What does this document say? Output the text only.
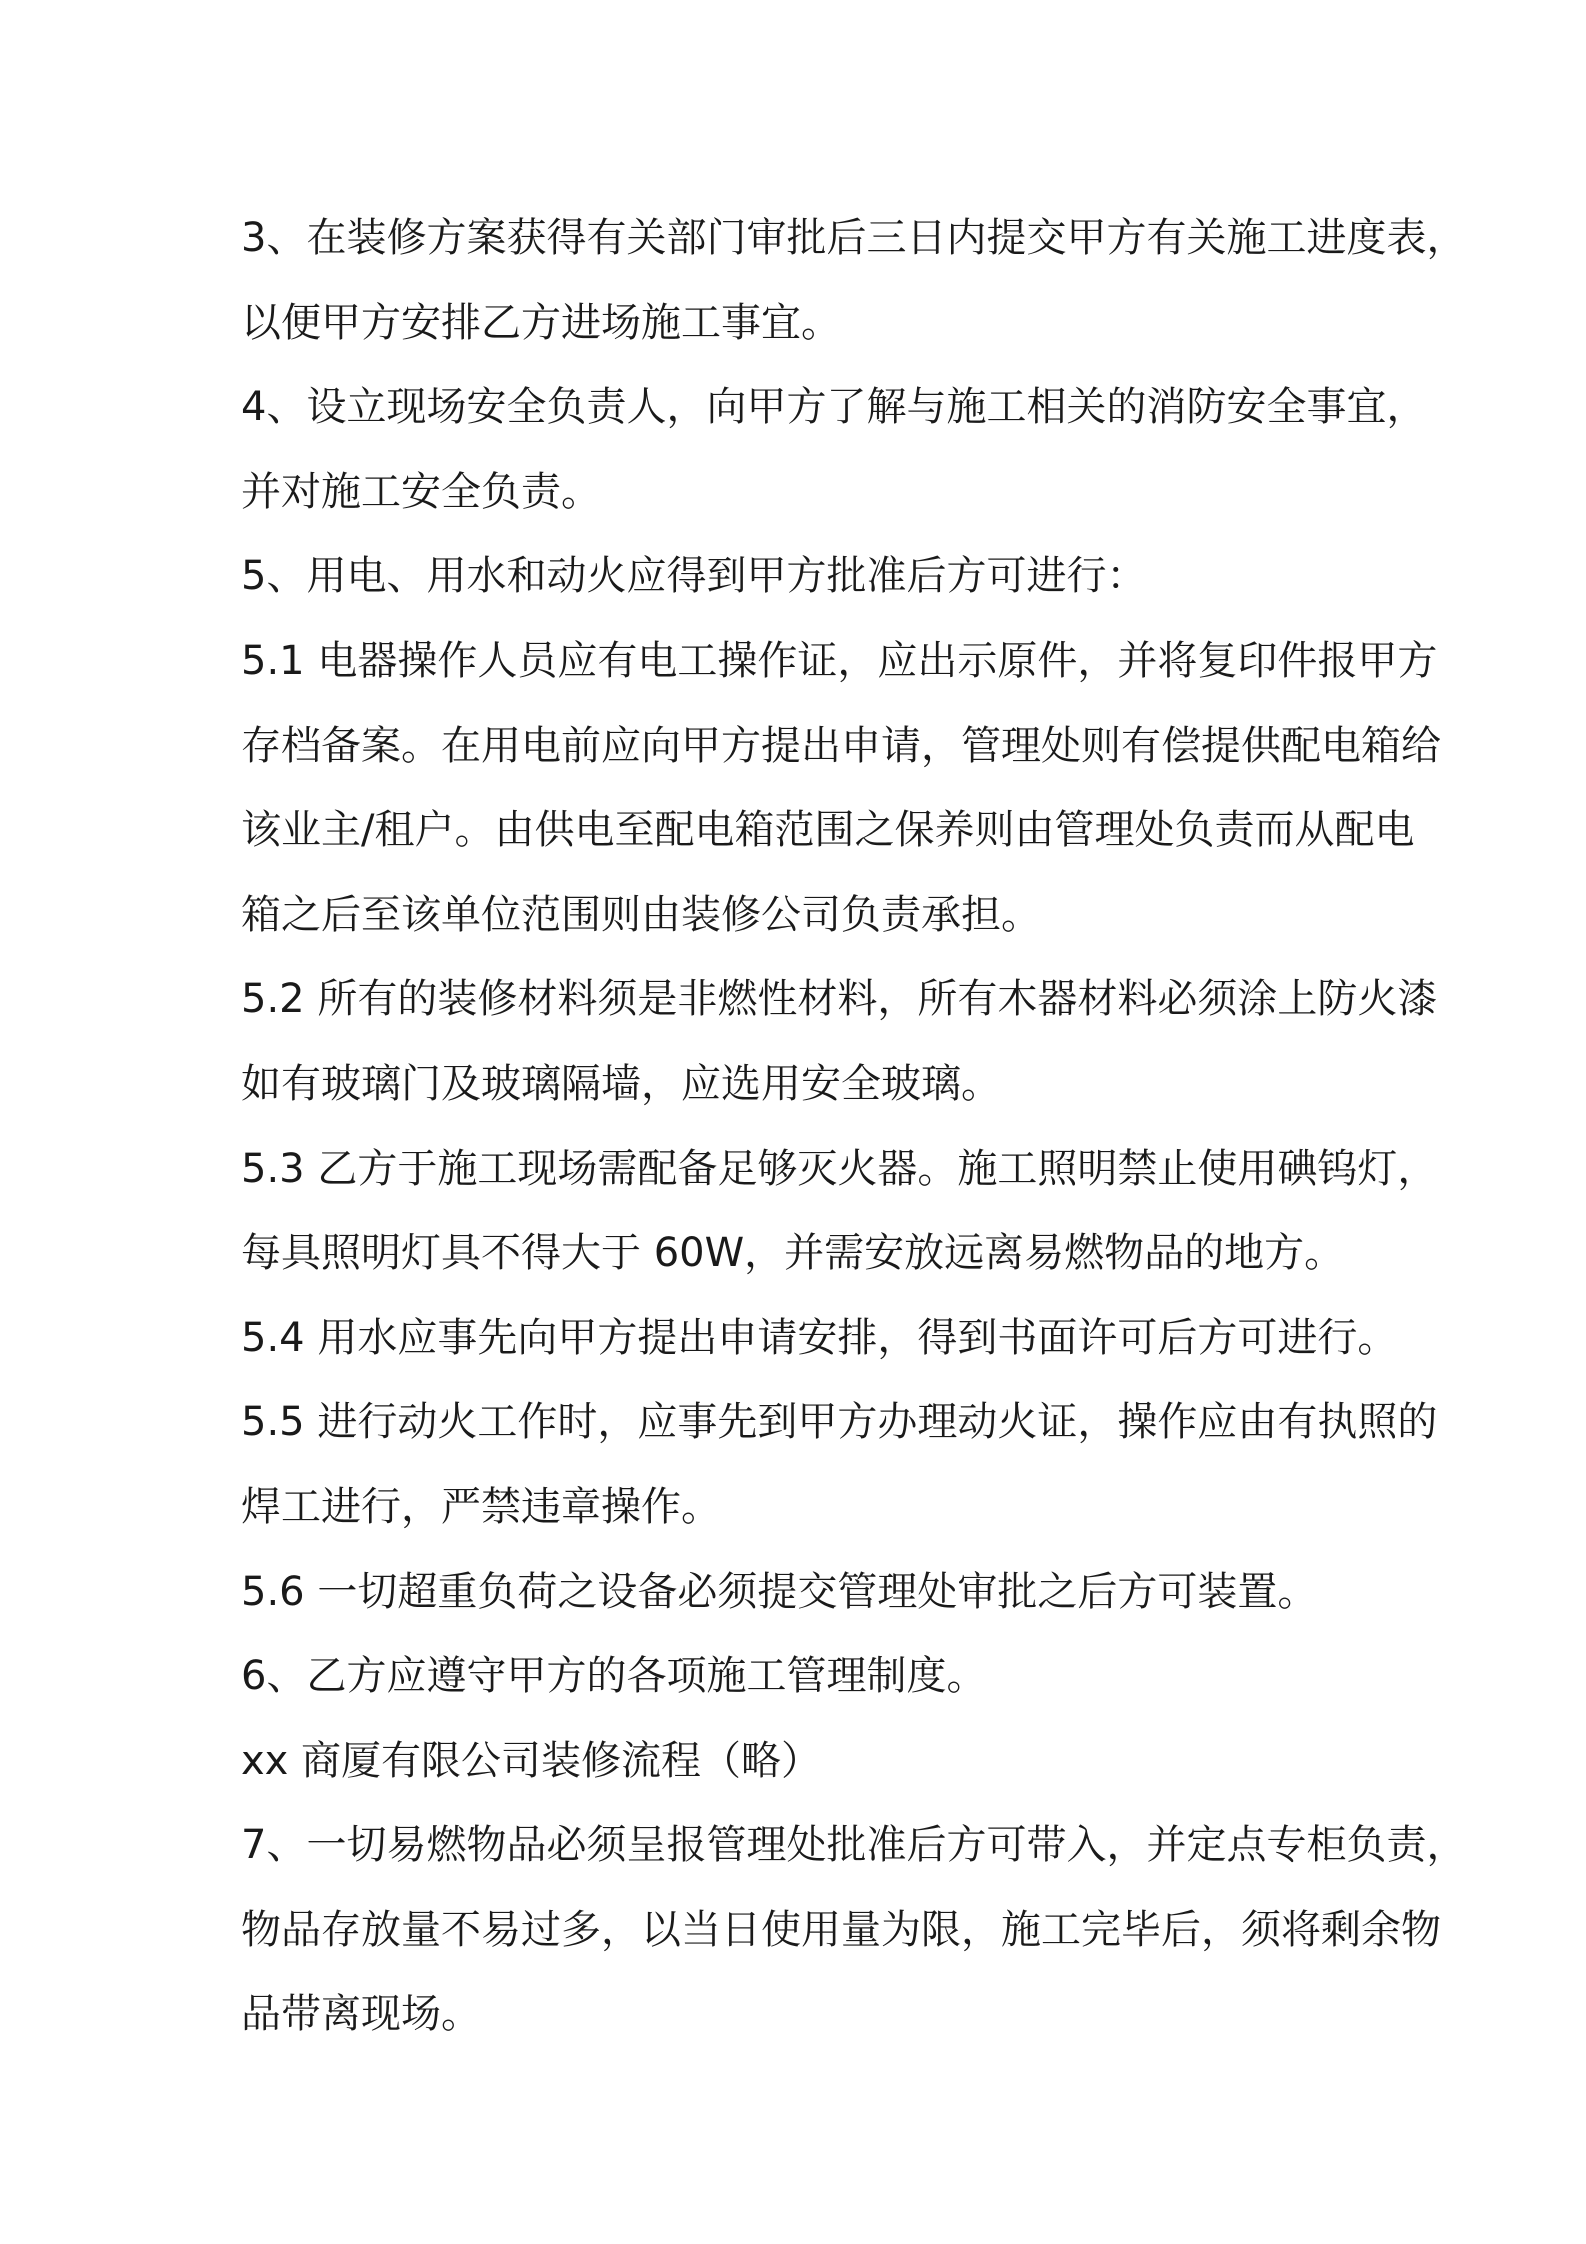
3、在装修方案获得有关部门审批后三日内提交甲方有关施工进度表，
以便甲方安排乙方进场施工事宜。
4、设立现场安全负责人，向甲方了解与施工相关的消防安全事宜，
并对施工安全负责。
5、用电、用水和动火应得到甲方批准后方可进行：
5.1 电器操作人员应有电工操作证，应出示原件，并将复印件报甲方
存档备案。在用电前应向甲方提出申请，管理处则有偿提供配电箱给
该业主/租户。由供电至配电箱范围之保养则由管理处负责而从配电
箱之后至该单位范围则由装修公司负责承担。
5.2 所有的装修材料须是非燃性材料，所有木器材料必须涂上防火漆
如有玻璃门及玻璃隔墙，应选用安全玻璃。
5.3 乙方于施工现场需配备足够灭火器。施工照明禁止使用碘钨灯，
每具照明灯具不得大于 60W，并需安放远离易燃物品的地方。
5.4 用水应事先向甲方提出申请安排，得到书面许可后方可进行。
5.5 进行动火工作时，应事先到甲方办理动火证，操作应由有执照的
焊工进行，严禁违章操作。
5.6 一切超重负荷之设备必须提交管理处审批之后方可装置。
6、乙方应遵守甲方的各项施工管理制度。
xx 商厦有限公司装修流程（略）
7、一切易燃物品必须呈报管理处批准后方可带入，并定点专柜负责，
物品存放量不易过多，以当日使用量为限，施工完毕后，须将剩余物
品带离现场。
